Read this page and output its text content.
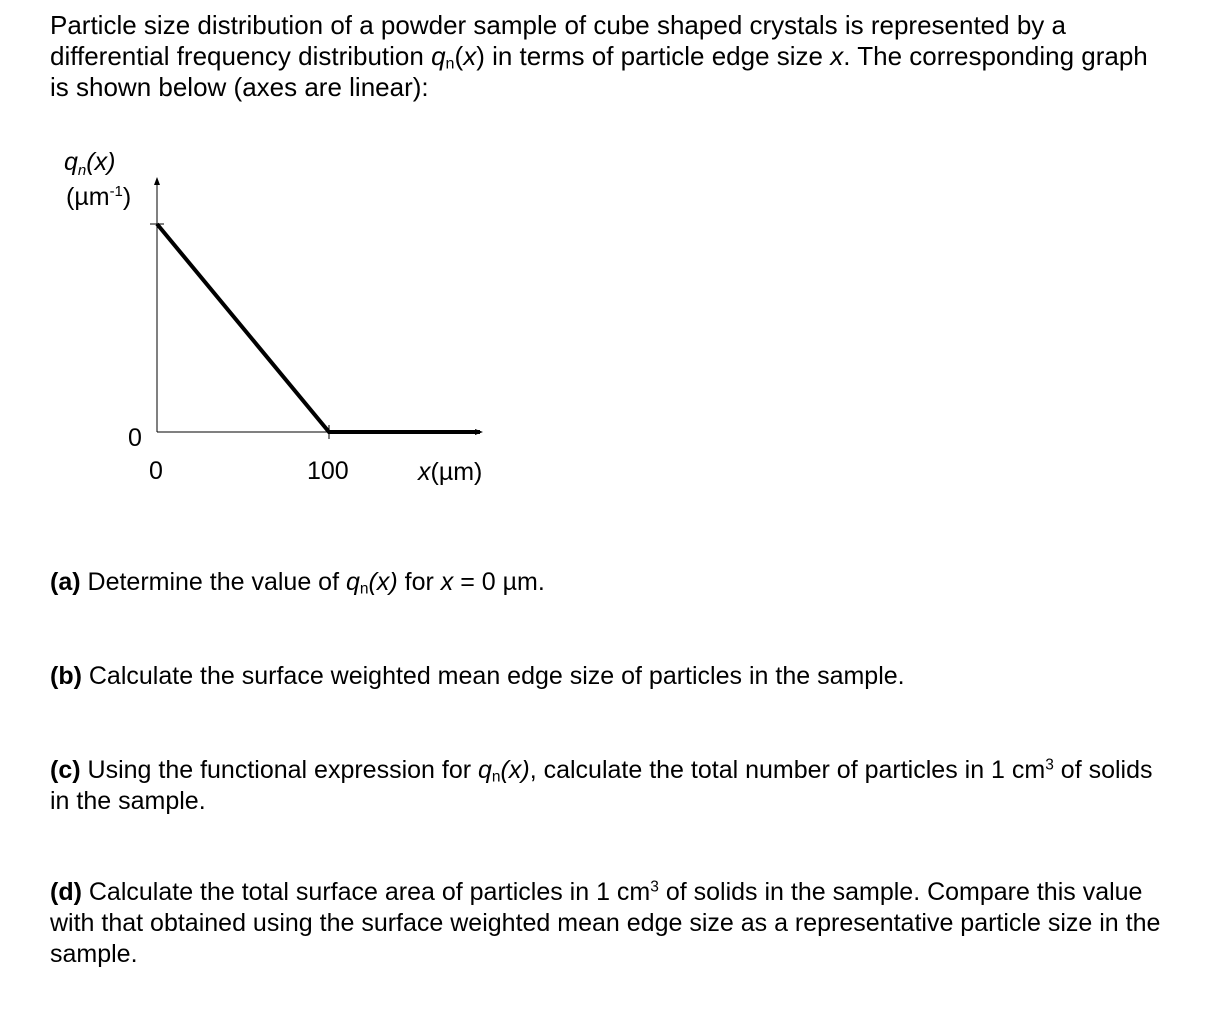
Particle size distribution of a powder sample of cube shaped crystals is represented by a differential frequency distribution $q_n(x)$ in terms of particle edge size x. The corresponding graph is shown below (axes are linear):

$q_n(x)$
(µm$^{-1}$)
0
0	100	x(µm)

(a) Determine the value of $q_n(x)$ for x = 0 µm.

(b) Calculate the surface weighted mean edge size of particles in the sample.

(c) Using the functional expression for $q_n(x)$, calculate the total number of particles in 1 $cm^3$ of solids in the sample.

(d) Calculate the total surface area of particles in 1 $cm^3$ of solids in the sample. Compare this value with that obtained using the surface weighted mean edge size as a representative particle size in the sample.
